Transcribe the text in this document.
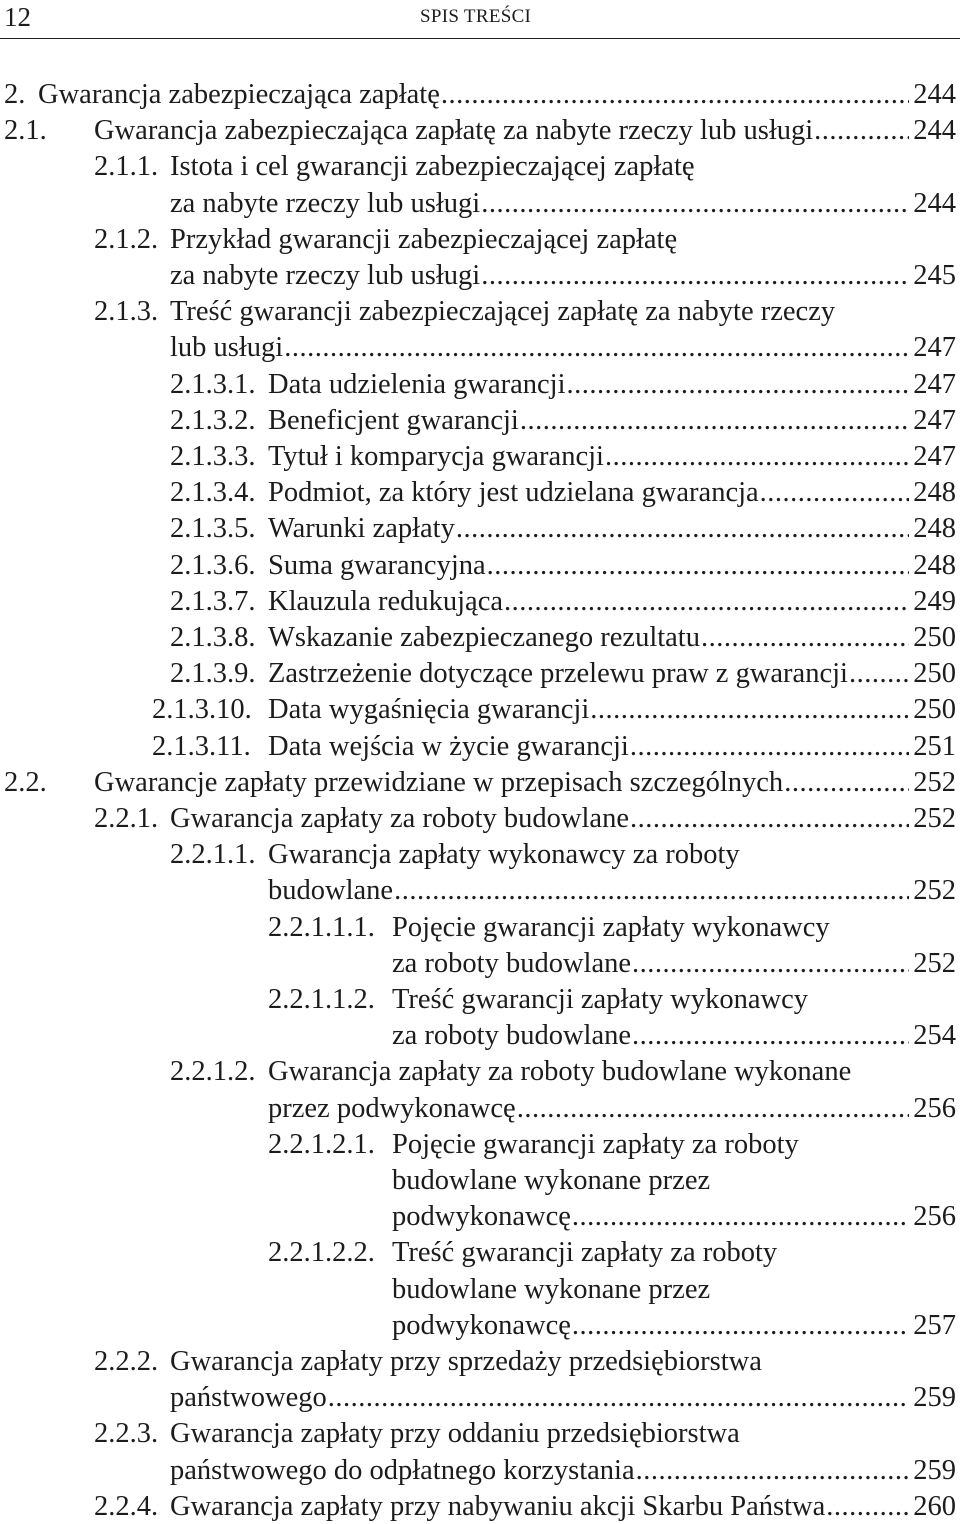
12	SPIS TREŚCI
2. Gwarancja zabezpieczająca zapłatę .....	244
2.1. Gwarancja zabezpieczająca zapłatę za nabyte rzeczy lub usługi .....	244
2.1.1. Istota i cel gwarancji zabezpieczającej zapłatę
za nabyte rzeczy lub usługi .....	244
2.1.2. Przykład gwarancji zabezpieczającej zapłatę
za nabyte rzeczy lub usługi .....	245
2.1.3. Treść gwarancji zabezpieczającej zapłatę za nabyte rzeczy
lub usługi .....	247
2.1.3.1. Data udzielenia gwarancji .....	247
2.1.3.2. Beneficjent gwarancji .....	247
2.1.3.3. Tytuł i komparycja gwarancji .....	247
2.1.3.4. Podmiot, za który jest udzielana gwarancja .....	248
2.1.3.5. Warunki zapłaty .....	248
2.1.3.6. Suma gwarancyjna .....	248
2.1.3.7. Klauzula redukująca .....	249
2.1.3.8. Wskazanie zabezpieczanego rezultatu .....	250
2.1.3.9. Zastrzeżenie dotyczące przelewu praw z gwarancji ..... 250
2.1.3.10. Data wygaśnięcia gwarancji .....	250
2.1.3.11. Data wejścia w życie gwarancji .....	251
2.2. Gwarancje zapłaty przewidziane w przepisach szczególnych .....	252
2.2.1. Gwarancja zapłaty za roboty budowlane .....	252
2.2.1.1. Gwarancja zapłaty wykonawcy za roboty
budowlane .....	252
2.2.1.1.1. Pojęcie gwarancji zapłaty wykonawcy
za roboty budowlane .....	252
2.2.1.1.2. Treść gwarancji zapłaty wykonawcy
za roboty budowlane .....	254
2.2.1.2. Gwarancja zapłaty za roboty budowlane wykonane
przez podwykonawcę .....	256
2.2.1.2.1. Pojęcie gwarancji zapłaty za roboty
budowlane wykonane przez
podwykonawcę .....	256
2.2.1.2.2. Treść gwarancji zapłaty za roboty
budowlane wykonane przez
podwykonawcę .....	257
2.2.2. Gwarancja zapłaty przy sprzedaży przedsiębiorstwa
państwowego .....	259
2.2.3. Gwarancja zapłaty przy oddaniu przedsiębiorstwa
państwowego do odpłatnego korzystania .....	259
2.2.4. Gwarancja zapłaty przy nabywaniu akcji Skarbu Państwa .....	260
